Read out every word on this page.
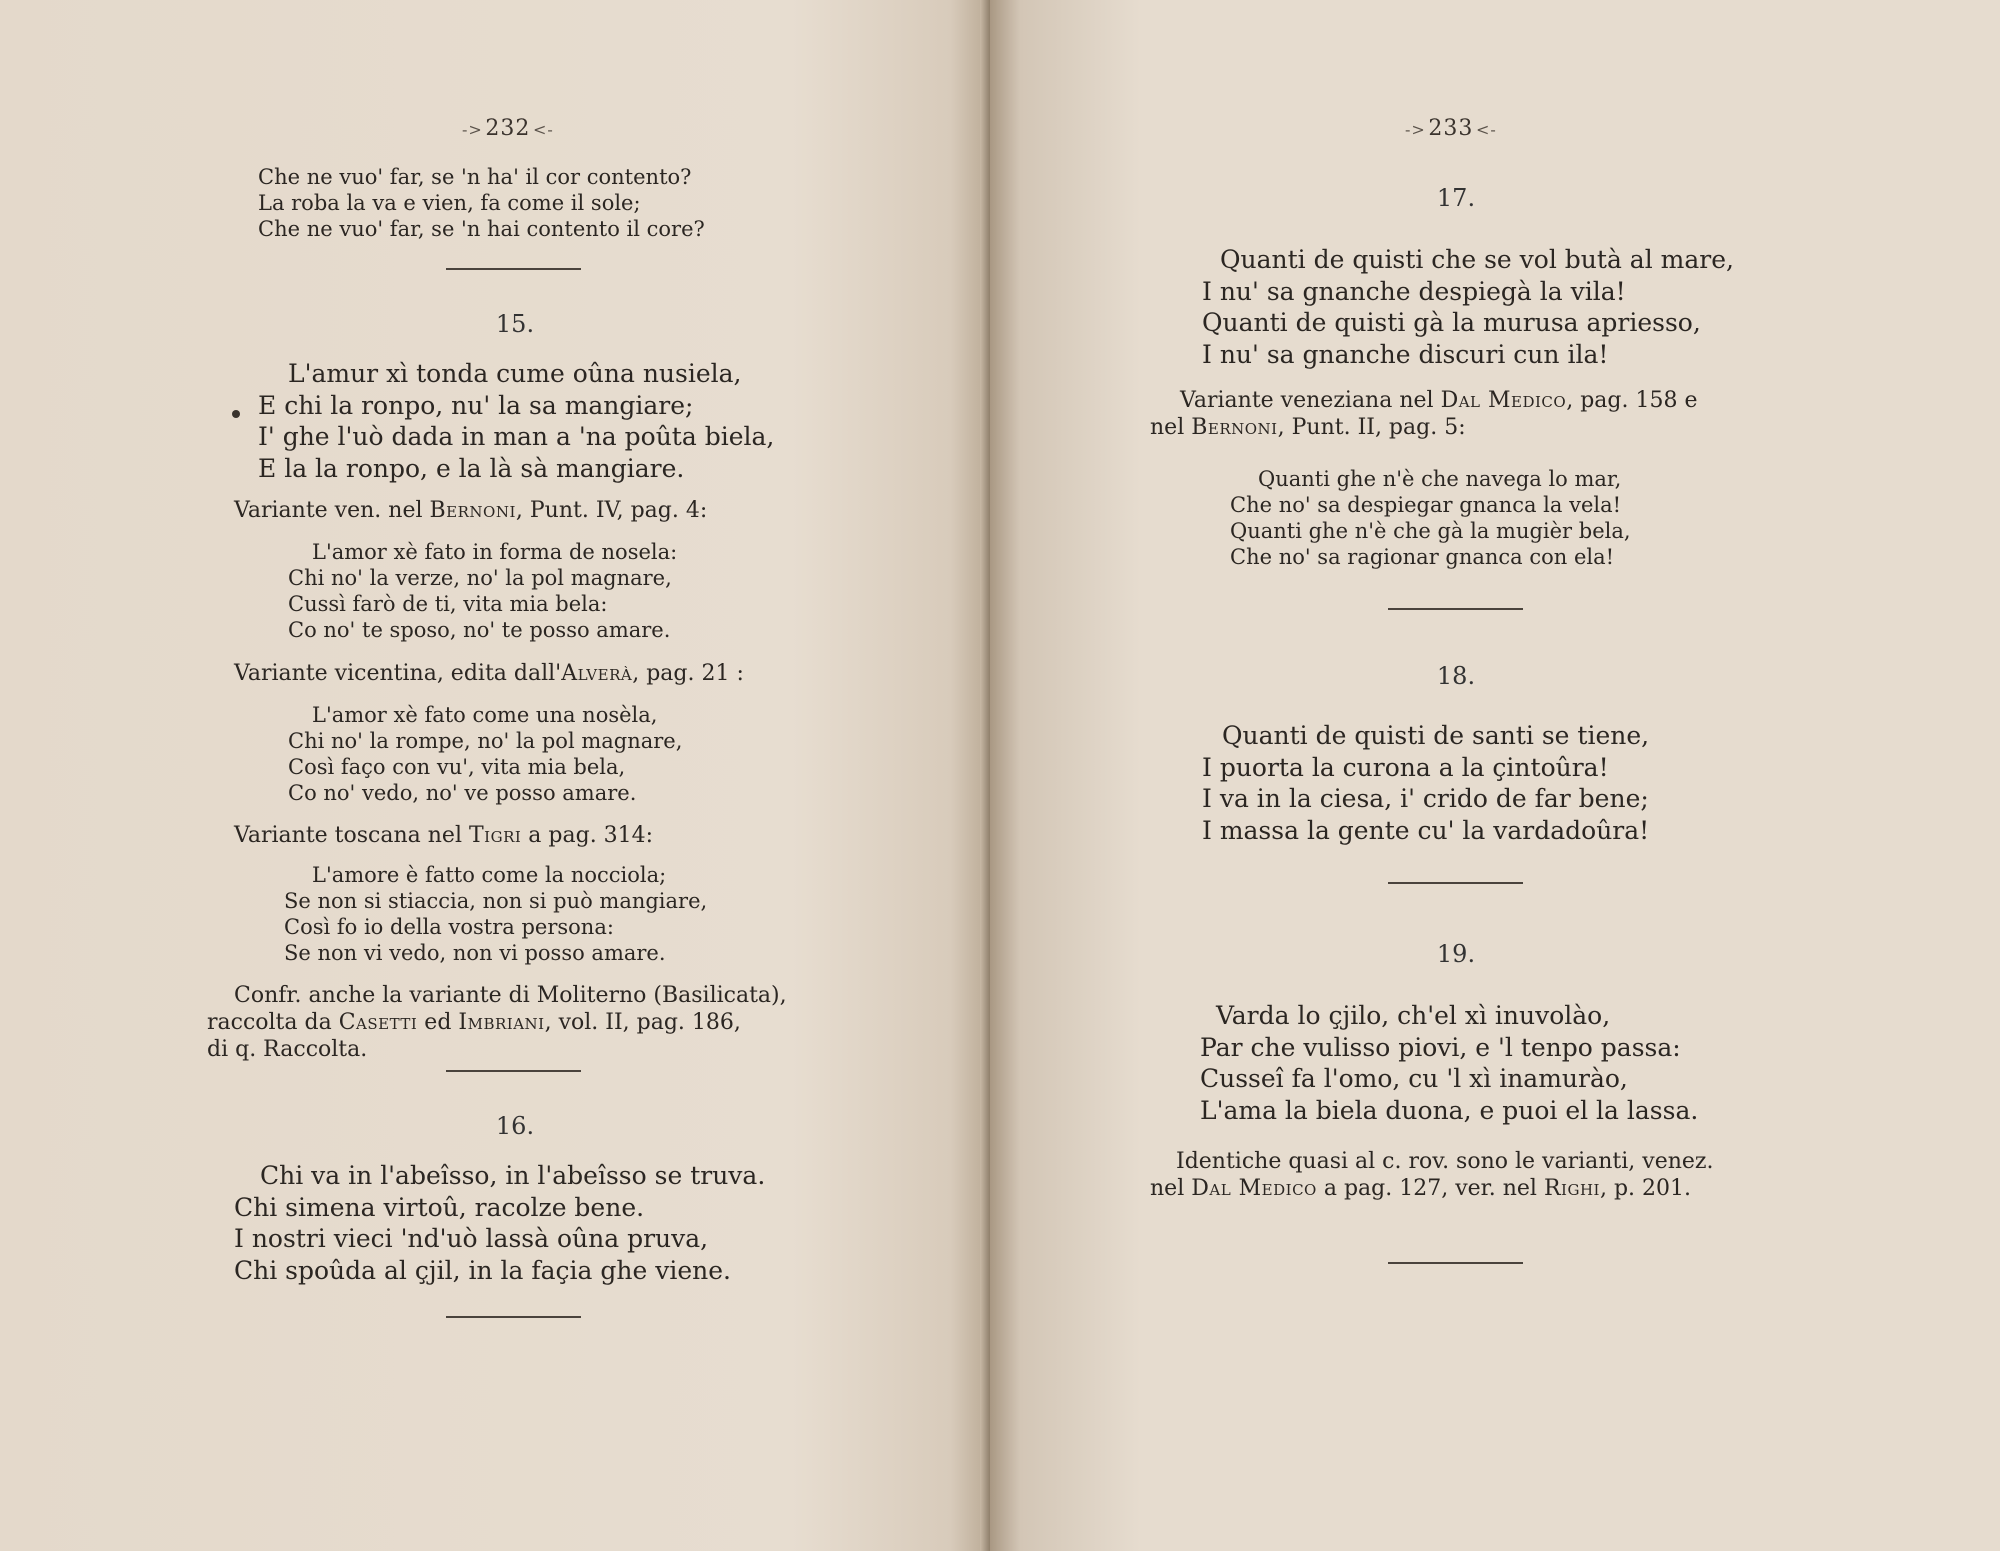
-> 232 <-
Che ne vuo' far, se 'n ha' il cor contento?
La roba la va e vien, fa come il sole;
Che ne vuo' far, se 'n hai contento il core?
15.
L'amur xì tonda cume oûna nusiela,
E chi la ronpo, nu' la sa mangiare;
I' ghe l'uò dada in man a 'na poûta biela,
E la la ronpo, e la là sà mangiare.

Variante ven. nel Bernoni, Punt. IV, pag. 4:

L'amor xè fato in forma de nosela:
Chi no' la verze, no' la pol magnare,
Cussì farò de ti, vita mia bela:
Co no' te sposo, no' te posso amare.

Variante vicentina, edita dall'Alverà, pag. 21 :

L'amor xè fato come una nosèla,
Chi no' la rompe, no' la pol magnare,
Così faço con vu', vita mia bela,
Co no' vedo, no' ve posso amare.

Variante toscana nel Tigri a pag. 314:

L'amore è fatto come la nocciola;
Se non si stiaccia, non si può mangiare,
Così fo io della vostra persona:
Se non vi vedo, non vi posso amare.

Confr. anche la variante di Moliterno (Basilicata),

raccolta da Casetti ed Imbriani, vol. II, pag. 186,

di q. Raccolta.

16.
Chi va in l'abeîsso, in l'abeîsso se truva.
Chi simena virtoû, racolze bene.
I nostri vieci 'nd'uò lassà oûna pruva,
Chi spoûda al çjil, in la façia ghe viene.
-> 233 <-
17.
Quanti de quisti che se vol butà al mare,
I nu' sa gnanche despiegà la vila!
Quanti de quisti gà la murusa apriesso,
I nu' sa gnanche discuri cun ila!

Variante veneziana nel Dal Medico, pag. 158 e

nel Bernoni, Punt. II, pag. 5:

Quanti ghe n'è che navega lo mar,
Che no' sa despiegar gnanca la vela!
Quanti ghe n'è che gà la mugièr bela,
Che no' sa ragionar gnanca con ela!
18.
Quanti de quisti de santi se tiene,
I puorta la curona a la çintoûra!
I va in la ciesa, i' crido de far bene;
I massa la gente cu' la vardadoûra!
19.
Varda lo çjilo, ch'el xì inuvolào,
Par che vulisso piovi, e 'l tenpo passa:
Cusseî fa l'omo, cu 'l xì inamurào,
L'ama la biela duona, e puoi el la lassa.

Identiche quasi al c. rov. sono le varianti, venez.

nel Dal Medico a pag. 127, ver. nel Righi, p. 201.
